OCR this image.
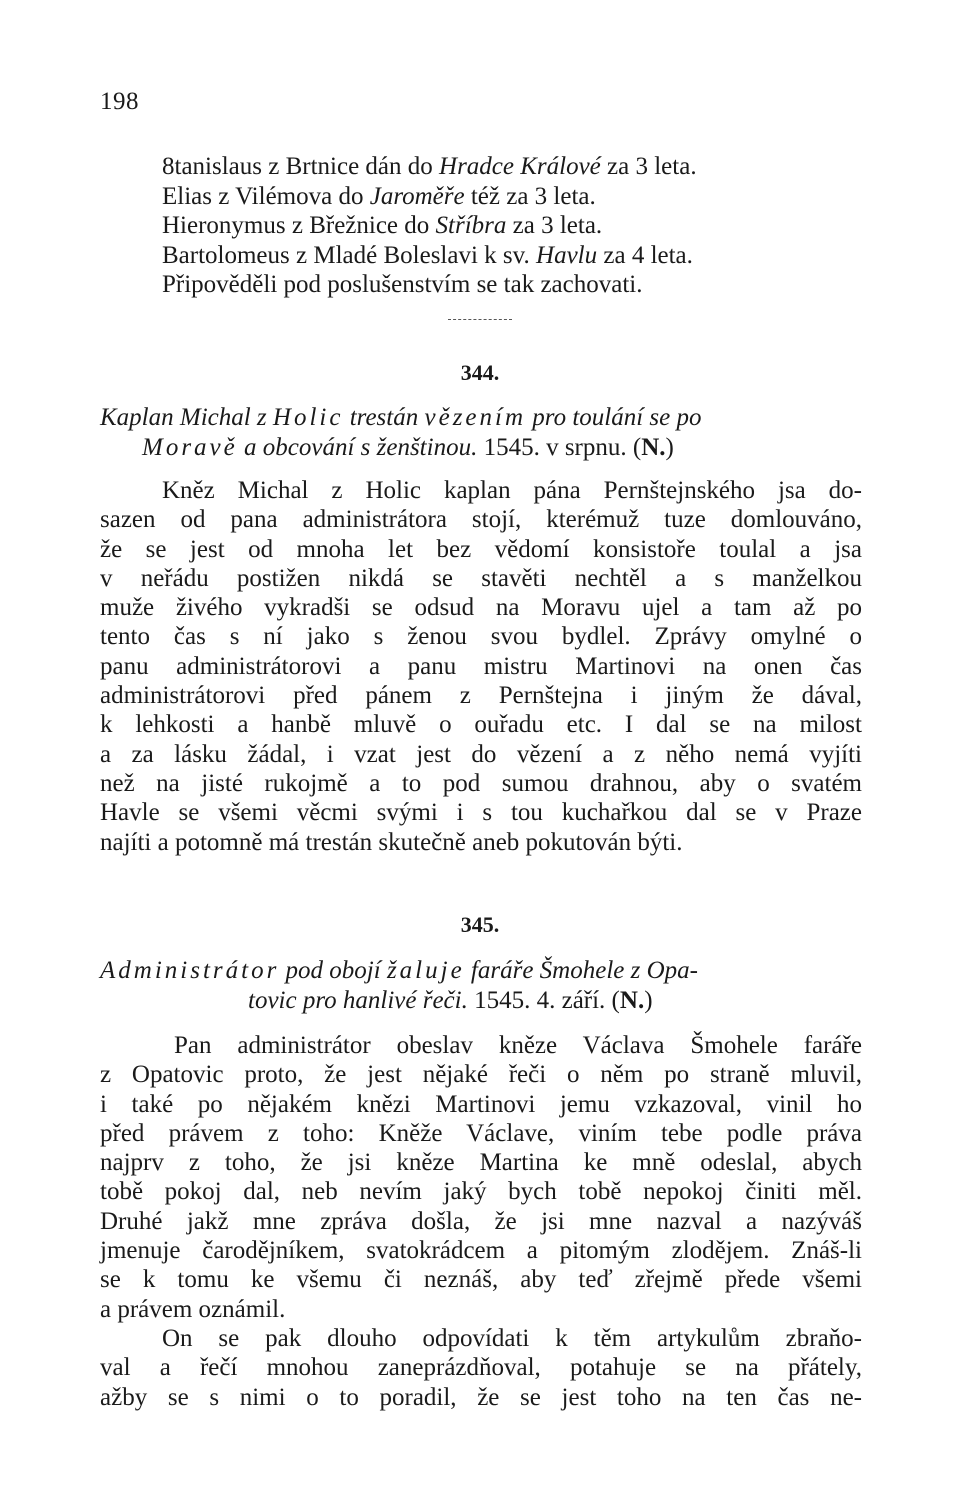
198
8tanislaus z Brtnice dán do Hradce Králové za 3 leta.
Elias z Vilémova do Jaroměře též za 3 leta.
Hieronymus z Břežnice do Stříbra za 3 leta.
Bartolomeus z Mladé Boleslavi k sv. Havlu za 4 leta.
Připověděli pod poslušenstvím se tak zachovati.
344.
Kaplan Michal z Holic trestán vězením pro toulání se po
Moravě a obcování s ženštinou. 1545. v srpnu. (N.)
Kněz Michal z Holic kaplan pána Pernštejnského jsa do-
sazen od pana administrátora stojí, kterémuž tuze domlouváno,
že se jest od mnoha let bez vědomí konsistoře toulal a jsa
v neřádu postižen nikdá se stavěti nechtěl a s manželkou
muže živého vykradši se odsud na Moravu ujel a tam až po
tento čas s ní jako s ženou svou bydlel. Zprávy omylné o
panu administrátorovi a panu mistru Martinovi na onen čas
administrátorovi před pánem z Pernštejna i jiným že dával,
k lehkosti a hanbě mluvě o ouřadu etc. I dal se na milost
a za lásku žádal, i vzat jest do vězení a z něho nemá vyjíti
než na jisté rukojmě a to pod sumou drahnou, aby o svatém
Havle se všemi věcmi svými i s tou kuchařkou dal se v Praze
najíti a potomně má trestán skutečně aneb pokutován býti.
345.
Administrátor pod obojí žaluje faráře Šmohele z Opa-
tovic pro hanlivé řeči. 1545. 4. září. (N.)
Pan administrátor obeslav kněze Václava Šmohele faráře
z Opatovic proto, že jest nějaké řeči o něm po straně mluvil,
i také po nějakém knězi Martinovi jemu vzkazoval, vinil ho
před právem z toho: Kněže Václave, viním tebe podle práva
najprv z toho, že jsi kněze Martina ke mně odeslal, abych
tobě pokoj dal, neb nevím jaký bych tobě nepokoj činiti měl.
Druhé jakž mne zpráva došla, že jsi mne nazval a nazýváš
jmenuje čarodějníkem, svatokrádcem a pitomým zlodějem. Znáš-li
se k tomu ke všemu či neznáš, aby teď zřejmě přede všemi
a právem oznámil.
On se pak dlouho odpovídati k těm artykulům zbraňo-
val a řečí mnohou zaneprázdňoval, potahuje se na přátely,
ažby se s nimi o to poradil, že se jest toho na ten čas ne-
